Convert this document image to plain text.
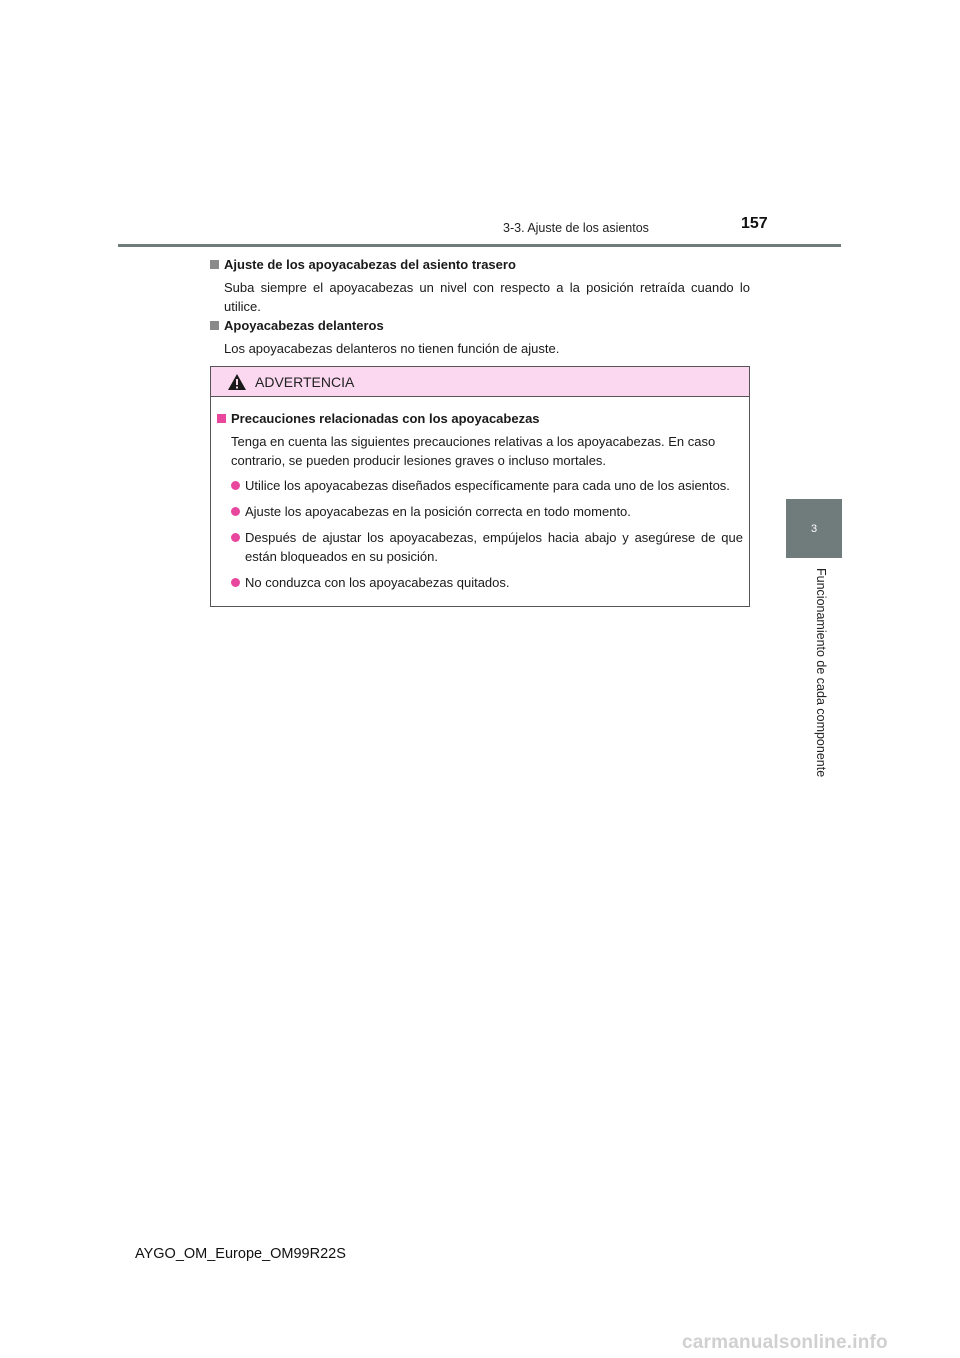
3-3. Ajuste de los asientos	157
3
Funcionamiento de cada componente
Ajuste de los apoyacabezas del asiento trasero
Suba siempre el apoyacabezas un nivel con respecto a la posición retraída cuando lo utilice.
Apoyacabezas delanteros
Los apoyacabezas delanteros no tienen función de ajuste.
ADVERTENCIA
Precauciones relacionadas con los apoyacabezas
Tenga en cuenta las siguientes precauciones relativas a los apoyacabezas. En caso contrario, se pueden producir lesiones graves o incluso mortales.
Utilice los apoyacabezas diseñados específicamente para cada uno de los asientos.
Ajuste los apoyacabezas en la posición correcta en todo momento.
Después de ajustar los apoyacabezas, empújelos hacia abajo y asegúrese de que están bloqueados en su posición.
No conduzca con los apoyacabezas quitados.
AYGO_OM_Europe_OM99R22S
carmanualsonline.info
